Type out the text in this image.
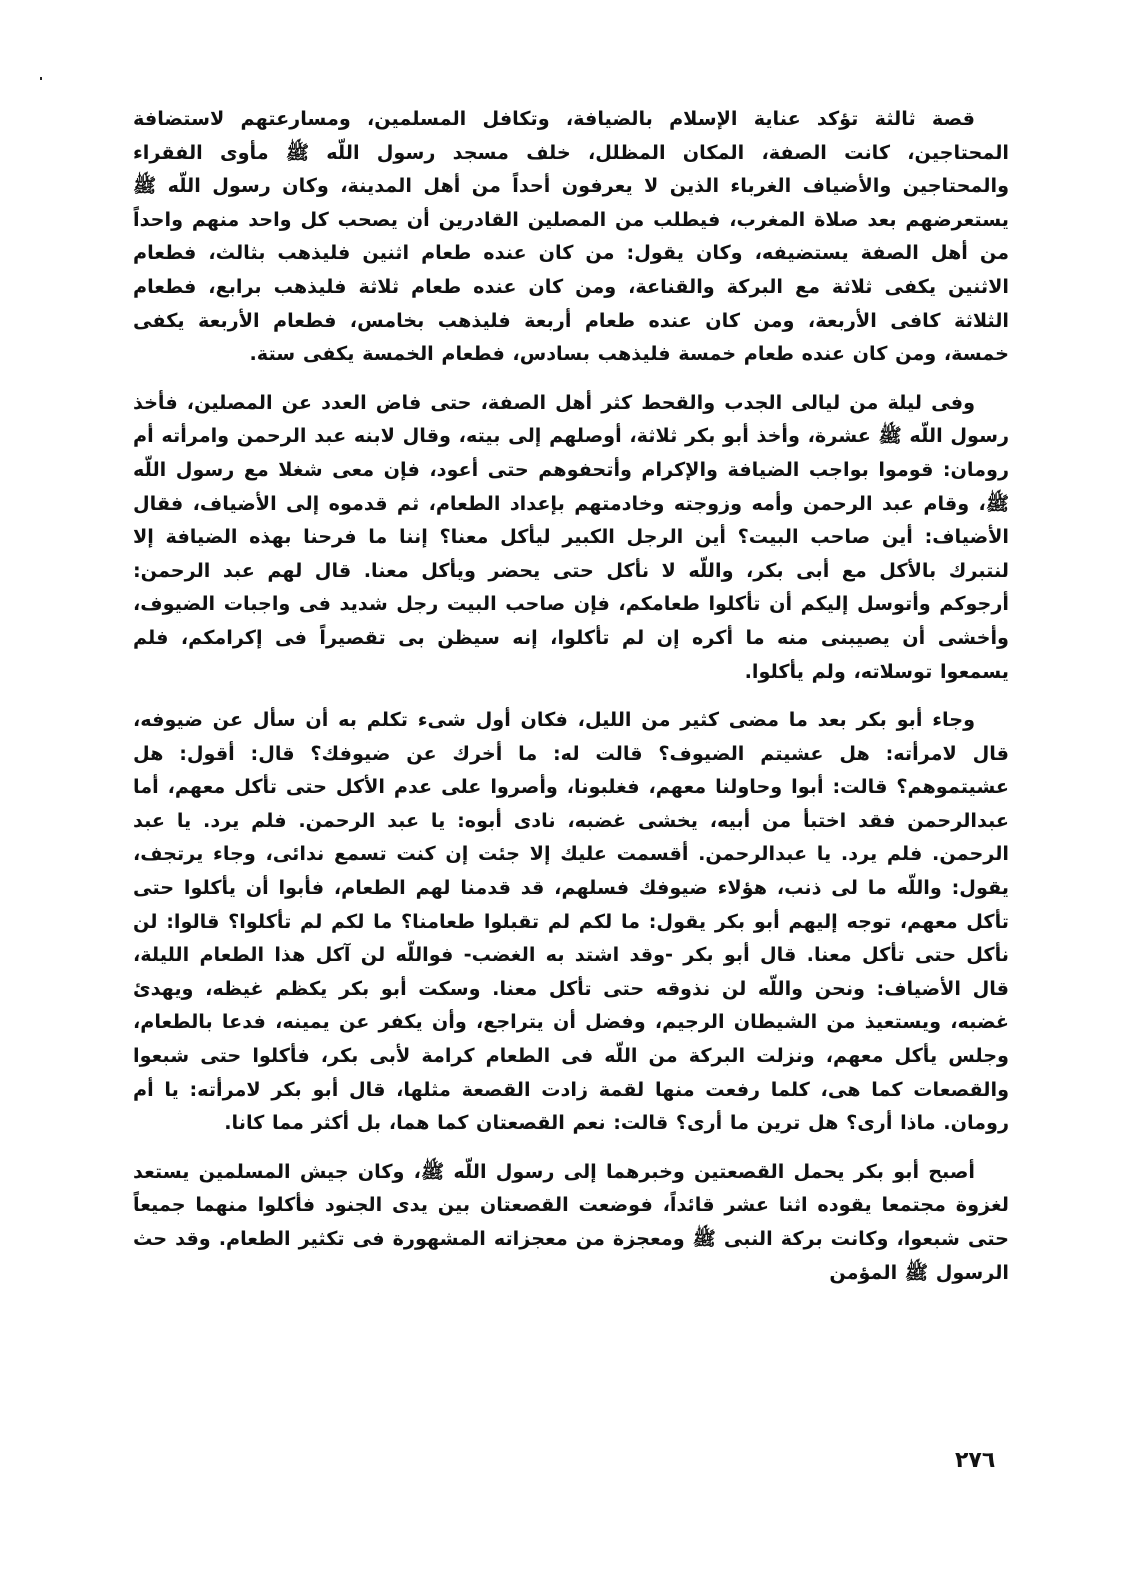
قصة ثالثة تؤكد عناية الإسلام بالضيافة، وتكافل المسلمين، ومسارعتهم لاستضافة المحتاجين، كانت الصفة، المكان المظلل، خلف مسجد رسول اللّه ﷺ مأوى الفقراء والمحتاجين والأضياف الغرباء الذين لا يعرفون أحداً من أهل المدينة، وكان رسول اللّه ﷺ يستعرضهم بعد صلاة المغرب، فيطلب من المصلين القادرين أن يصحب كل واحد منهم واحداً من أهل الصفة يستضيفه، وكان يقول: من كان عنده طعام اثنين فليذهب بثالث، فطعام الاثنين يكفى ثلاثة مع البركة والقناعة، ومن كان عنده طعام ثلاثة فليذهب برابع، فطعام الثلاثة كافى الأربعة، ومن كان عنده طعام أربعة فليذهب بخامس، فطعام الأربعة يكفى خمسة، ومن كان عنده طعام خمسة فليذهب بسادس، فطعام الخمسة يكفى ستة.

وفى ليلة من ليالى الجدب والقحط كثر أهل الصفة، حتى فاض العدد عن المصلين، فأخذ رسول اللّه ﷺ عشرة، وأخذ أبو بكر ثلاثة، أوصلهم إلى بيته، وقال لابنه عبد الرحمن وامرأته أم رومان: قوموا بواجب الضيافة والإكرام وأتحفوهم حتى أعود، فإن معى شغلا مع رسول اللّه ﷺ، وقام عبد الرحمن وأمه وزوجته وخادمتهم بإعداد الطعام، ثم قدموه إلى الأضياف، فقال الأضياف: أين صاحب البيت؟ أين الرجل الكبير ليأكل معنا؟ إننا ما فرحنا بهذه الضيافة إلا لنتبرك بالأكل مع أبى بكر، واللّه لا نأكل حتى يحضر ويأكل معنا. قال لهم عبد الرحمن: أرجوكم وأتوسل إليكم أن تأكلوا طعامكم، فإن صاحب البيت رجل شديد فى واجبات الضيوف، وأخشى أن يصيبنى منه ما أكره إن لم تأكلوا، إنه سيظن بى تقصيراً فى إكرامكم، فلم يسمعوا توسلاته، ولم يأكلوا.

وجاء أبو بكر بعد ما مضى كثير من الليل، فكان أول شىء تكلم به أن سأل عن ضيوفه، قال لامرأته: هل عشيتم الضيوف؟ قالت له: ما أخرك عن ضيوفك؟ قال: أقول: هل عشيتموهم؟ قالت: أبوا وحاولنا معهم، فغلبونا، وأصروا على عدم الأكل حتى تأكل معهم، أما عبدالرحمن فقد اختبأ من أبيه، يخشى غضبه، نادى أبوه: يا عبد الرحمن. فلم يرد. يا عبد الرحمن. فلم يرد. يا عبدالرحمن. أقسمت عليك إلا جئت إن كنت تسمع ندائى، وجاء يرتجف، يقول: واللّه ما لى ذنب، هؤلاء ضيوفك فسلهم، قد قدمنا لهم الطعام، فأبوا أن يأكلوا حتى تأكل معهم، توجه إليهم أبو بكر يقول: ما لكم لم تقبلوا طعامنا؟ ما لكم لم تأكلوا؟ قالوا: لن نأكل حتى تأكل معنا. قال أبو بكر -وقد اشتد به الغضب- فواللّه لن آكل هذا الطعام الليلة، قال الأضياف: ونحن واللّه لن نذوقه حتى تأكل معنا. وسكت أبو بكر يكظم غيظه، ويهدئ غضبه، ويستعيذ من الشيطان الرجيم، وفضل أن يتراجع، وأن يكفر عن يمينه، فدعا بالطعام، وجلس يأكل معهم، ونزلت البركة من اللّه فى الطعام كرامة لأبى بكر، فأكلوا حتى شبعوا والقصعات كما هى، كلما رفعت منها لقمة زادت القصعة مثلها، قال أبو بكر لامرأته: يا أم رومان. ماذا أرى؟ هل ترين ما أرى؟ قالت: نعم القصعتان كما هما، بل أكثر مما كانا.

أصبح أبو بكر يحمل القصعتين وخبرهما إلى رسول اللّه ﷺ، وكان جيش المسلمين يستعد لغزوة مجتمعا يقوده اثنا عشر قائداً، فوضعت القصعتان بين يدى الجنود فأكلوا منهما جميعاً حتى شبعوا، وكانت بركة النبى ﷺ ومعجزة من معجزاته المشهورة فى تكثير الطعام. وقد حث الرسول ﷺ المؤمن

٢٧٦
